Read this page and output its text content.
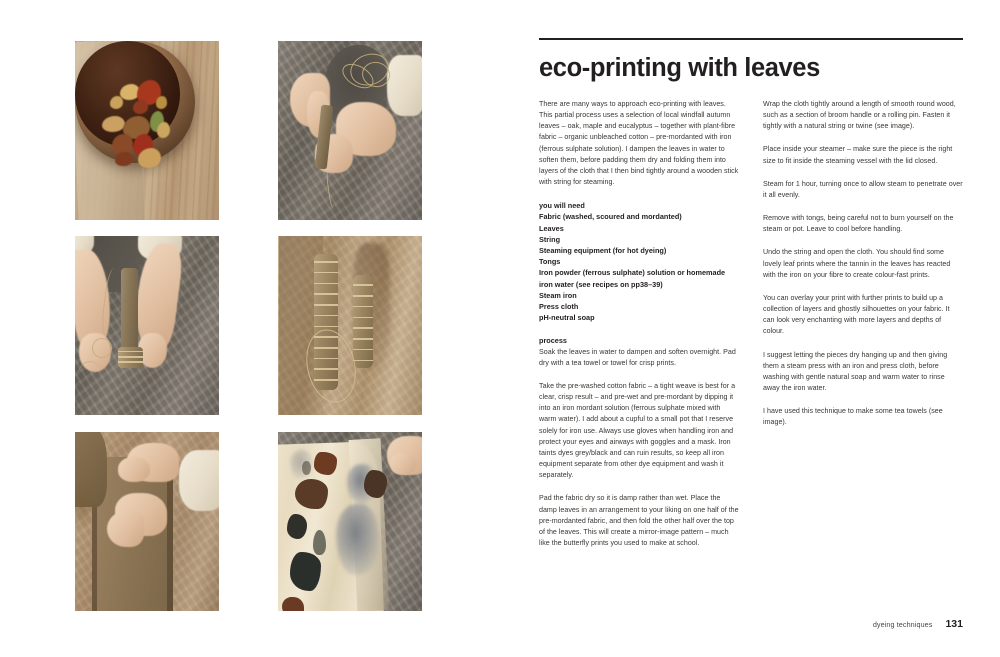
eco-printing with leaves

There are many ways to approach eco-printing with leaves. This partial process uses a selection of local windfall autumn leaves – oak, maple and eucalyptus – together with plant-fibre fabric – organic unbleached cotton – pre-mordanted with iron (ferrous sulphate solution). I dampen the leaves in water to soften them, before padding them dry and folding them into layers of the cloth that I then bind tightly around a wooden stick with string for steaming.

you will need
Fabric (washed, scoured and mordanted)
Leaves
String
Steaming equipment (for hot dyeing)
Tongs
Iron powder (ferrous sulphate) solution or homemade iron water (see recipes on pp38–39)
Steam iron
Press cloth
pH-neutral soap
process

Soak the leaves in water to dampen and soften overnight. Pad dry with a tea towel or towel for crisp prints.

Take the pre-washed cotton fabric – a tight weave is best for a clear, crisp result – and pre-wet and pre-mordant by dipping it into an iron mordant solution (ferrous sulphate mixed with warm water). I add about a cupful to a small pot that I reserve solely for iron use. Always use gloves when handling iron and protect your eyes and airways with goggles and a mask. Iron taints dyes grey/black and can ruin results, so keep all iron equipment separate from other dye equipment and wash it separately.

Pad the fabric dry so it is damp rather than wet. Place the damp leaves in an arrangement to your liking on one half of the pre-mordanted fabric, and then fold the other half over the top of the leaves. This will create a mirror-image pattern – much like the butterfly prints you used to make at school.

Wrap the cloth tightly around a length of smooth round wood, such as a section of broom handle or a rolling pin. Fasten it tightly with a natural string or twine (see image).

Place inside your steamer – make sure the piece is the right size to fit inside the steaming vessel with the lid closed.

Steam for 1 hour, turning once to allow steam to penetrate over it all evenly.

Remove with tongs, being careful not to burn yourself on the steam or pot. Leave to cool before handling.

Undo the string and open the cloth. You should find some lovely leaf prints where the tannin in the leaves has reacted with the iron on your fibre to create colour-fast prints.

You can overlay your print with further prints to build up a collection of layers and ghostly silhouettes on your fabric. It can look very enchanting with more layers and depths of colour.

I suggest letting the pieces dry hanging up and then giving them a steam press with an iron and press cloth, before washing with gentle natural soap and warm water to rinse away the iron water.

I have used this technique to make some tea towels (see image).

dyeing techniques 131
